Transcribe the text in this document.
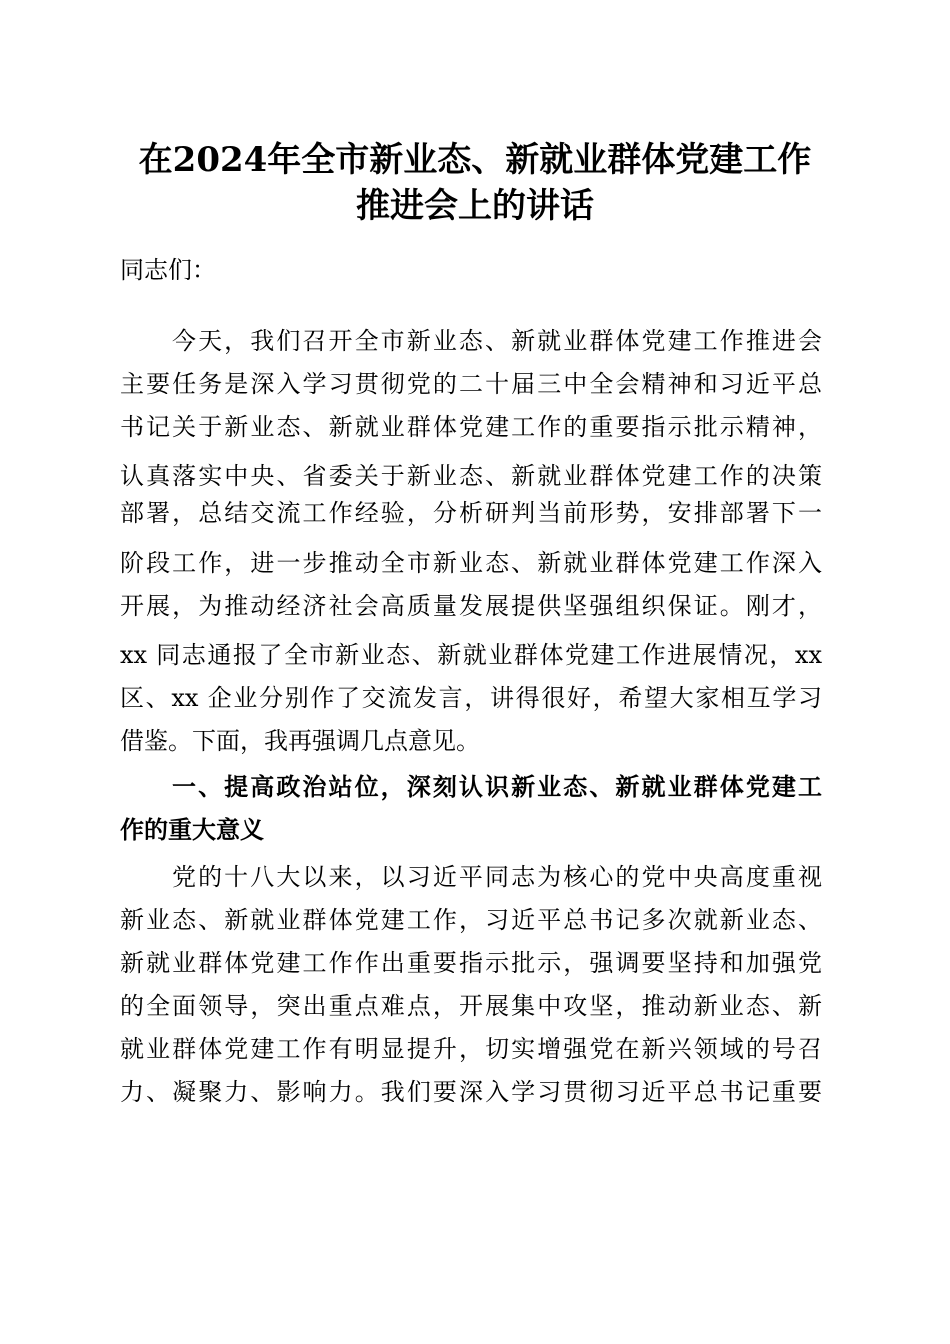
在2024年全市新业态、新就业群体党建工作
推进会上的讲话
同志们：
今天，我们召开全市新业态、新就业群体党建工作推进会
主要任务是深入学习贯彻党的二十届三中全会精神和习近平总
书记关于新业态、新就业群体党建工作的重要指示批示精神，
认真落实中央、省委关于新业态、新就业群体党建工作的决策
部署，总结交流工作经验，分析研判当前形势，安排部署下一
阶段工作，进一步推动全市新业态、新就业群体党建工作深入
开展，为推动经济社会高质量发展提供坚强组织保证。刚才，
xx 同志通报了全市新业态、新就业群体党建工作进展情况，xx
区、xx 企业分别作了交流发言，讲得很好，希望大家相互学习
借鉴。下面，我再强调几点意见。
一、提高政治站位，深刻认识新业态、新就业群体党建工
作的重大意义
党的十八大以来，以习近平同志为核心的党中央高度重视
新业态、新就业群体党建工作，习近平总书记多次就新业态、
新就业群体党建工作作出重要指示批示，强调要坚持和加强党
的全面领导，突出重点难点，开展集中攻坚，推动新业态、新
就业群体党建工作有明显提升，切实增强党在新兴领域的号召
力、凝聚力、影响力。我们要深入学习贯彻习近平总书记重要
